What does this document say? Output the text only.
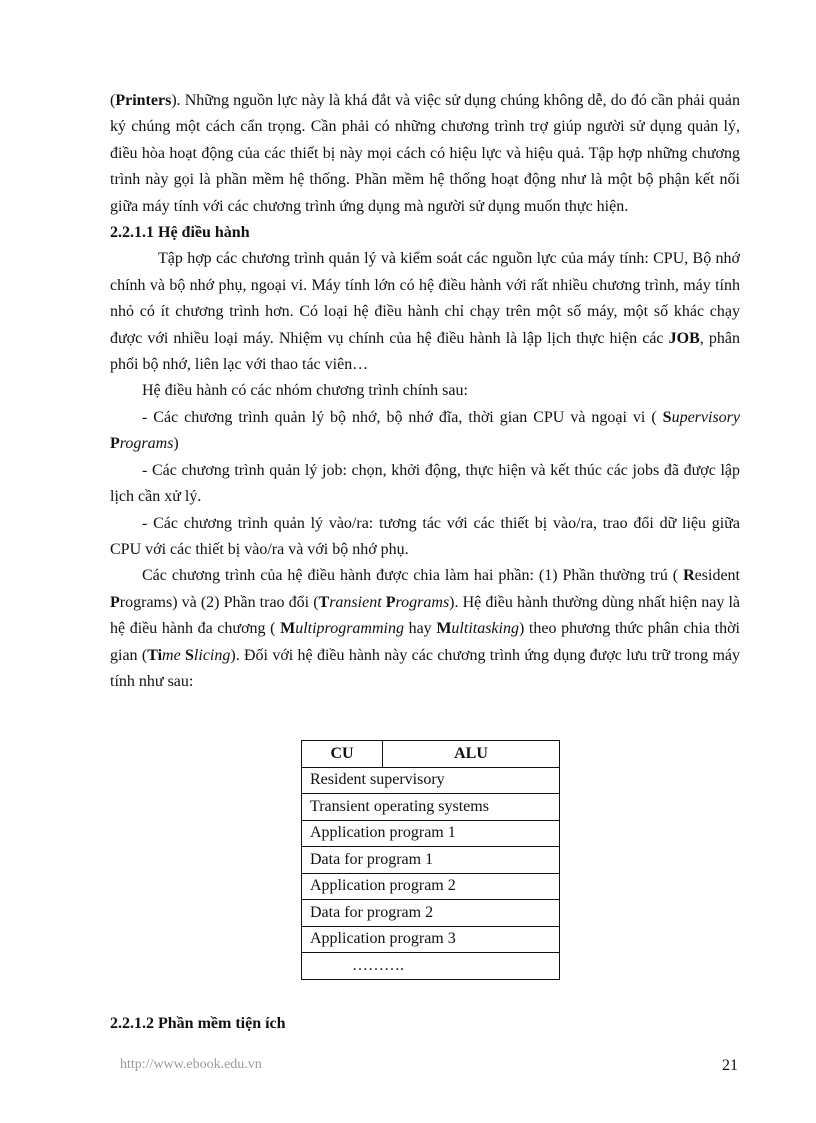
(Printers). Những nguồn lực này là khá đắt và việc sử dụng chúng không dễ, do đó cần phải quản ký chúng một cách cẩn trọng. Cần phải có những chương trình trợ giúp người sử dụng quản lý, điều hòa hoạt động của các thiết bị này mọi cách có hiệu lực và hiệu quả. Tập hợp những chương trình này gọi là phần mềm hệ thống. Phần mềm hệ thống hoạt động như là một bộ phận kết nối giữa máy tính với các chương trình ứng dụng mà người sử dụng muốn thực hiện.

2.2.1.1 Hệ điều hành

Tập hợp các chương trình quản lý và kiểm soát các nguồn lực của máy tính: CPU, Bộ nhớ chính và bộ nhớ phụ, ngoại vi. Máy tính lớn có hệ điều hành với rất nhiều chương trình, máy tính nhỏ có ít chương trình hơn. Có loại hệ điều hành chỉ chạy trên một số máy, một số khác chạy được với nhiều loại máy. Nhiệm vụ chính của hệ điều hành là lập lịch thực hiện các JOB, phân phối bộ nhớ, liên lạc với thao tác viên…

Hệ điều hành có các nhóm chương trình chính sau:

- Các chương trình quản lý bộ nhớ, bộ nhớ đĩa, thời gian CPU và ngoại vi ( Supervisory Programs)

- Các chương trình quản lý job: chọn, khởi động, thực hiện và kết thúc các jobs đã được lập lịch cần xử lý.

- Các chương trình quản lý vào/ra: tương tác với các thiết bị vào/ra, trao đổi dữ liệu giữa CPU với các thiết bị vào/ra và với bộ nhớ phụ.

Các chương trình của hệ điều hành được chia làm hai phần: (1) Phần thường trú ( Resident Programs) và (2) Phần trao đổi (Transient Programs). Hệ điều hành thường dùng nhất hiện nay là hệ điều hành đa chương ( Multiprogramming hay Multitasking) theo phương thức phân chia thời gian (Time Slicing). Đối với hệ điều hành này các chương trình ứng dụng được lưu trữ trong máy tính như sau:

CU	ALU
Resident supervisory
Transient operating systems
Application program 1
Data for program 1
Application program 2
Data for program 2
Application program 3
……….

2.2.1.2 Phần mềm tiện ích

http://www.ebook.edu.vn	21
